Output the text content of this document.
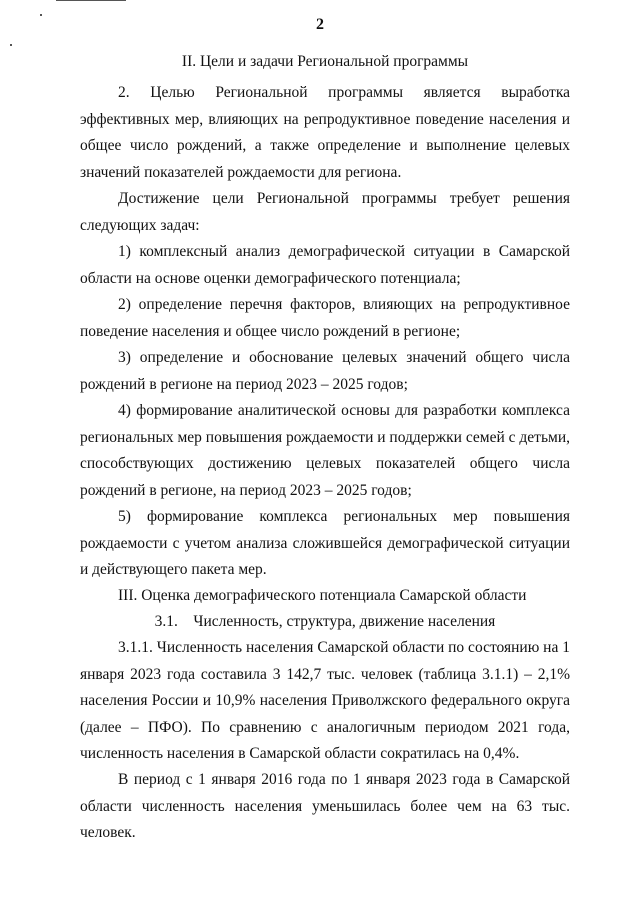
2
II. Цели и задачи Региональной программы

2. Целью Региональной программы является выработка эффективных мер, влияющих на репродуктивное поведение населения и общее число рождений, а также определение и выполнение целевых значений показателей рождаемости для региона.

Достижение цели Региональной программы требует решения следующих задач:

1) комплексный анализ демографической ситуации в Самарской области на основе оценки демографического потенциала;

2) определение перечня факторов, влияющих на репродуктивное поведение населения и общее число рождений в регионе;

3) определение и обоснование целевых значений общего числа рождений в регионе на период 2023 – 2025 годов;

4) формирование аналитической основы для разработки комплекса региональных мер повышения рождаемости и поддержки семей с детьми, способствующих достижению целевых показателей общего числа рождений в регионе, на период 2023 – 2025 годов;

5) формирование комплекса региональных мер повышения рождаемости с учетом анализа сложившейся демографической ситуации и действующего пакета мер.

III. Оценка демографического потенциала Самарской области
3.1.    Численность, структура, движение населения

3.1.1. Численность населения Самарской области по состоянию на 1 января 2023 года составила 3 142,7 тыс. человек (таблица 3.1.1) – 2,1% населения России и 10,9% населения Приволжского федерального округа (далее – ПФО). По сравнению с аналогичным периодом 2021 года, численность населения в Самарской области сократилась на 0,4%.

В период с 1 января 2016 года по 1 января 2023 года в Самарской области численность населения уменьшилась более чем на 63 тыс. человек.
